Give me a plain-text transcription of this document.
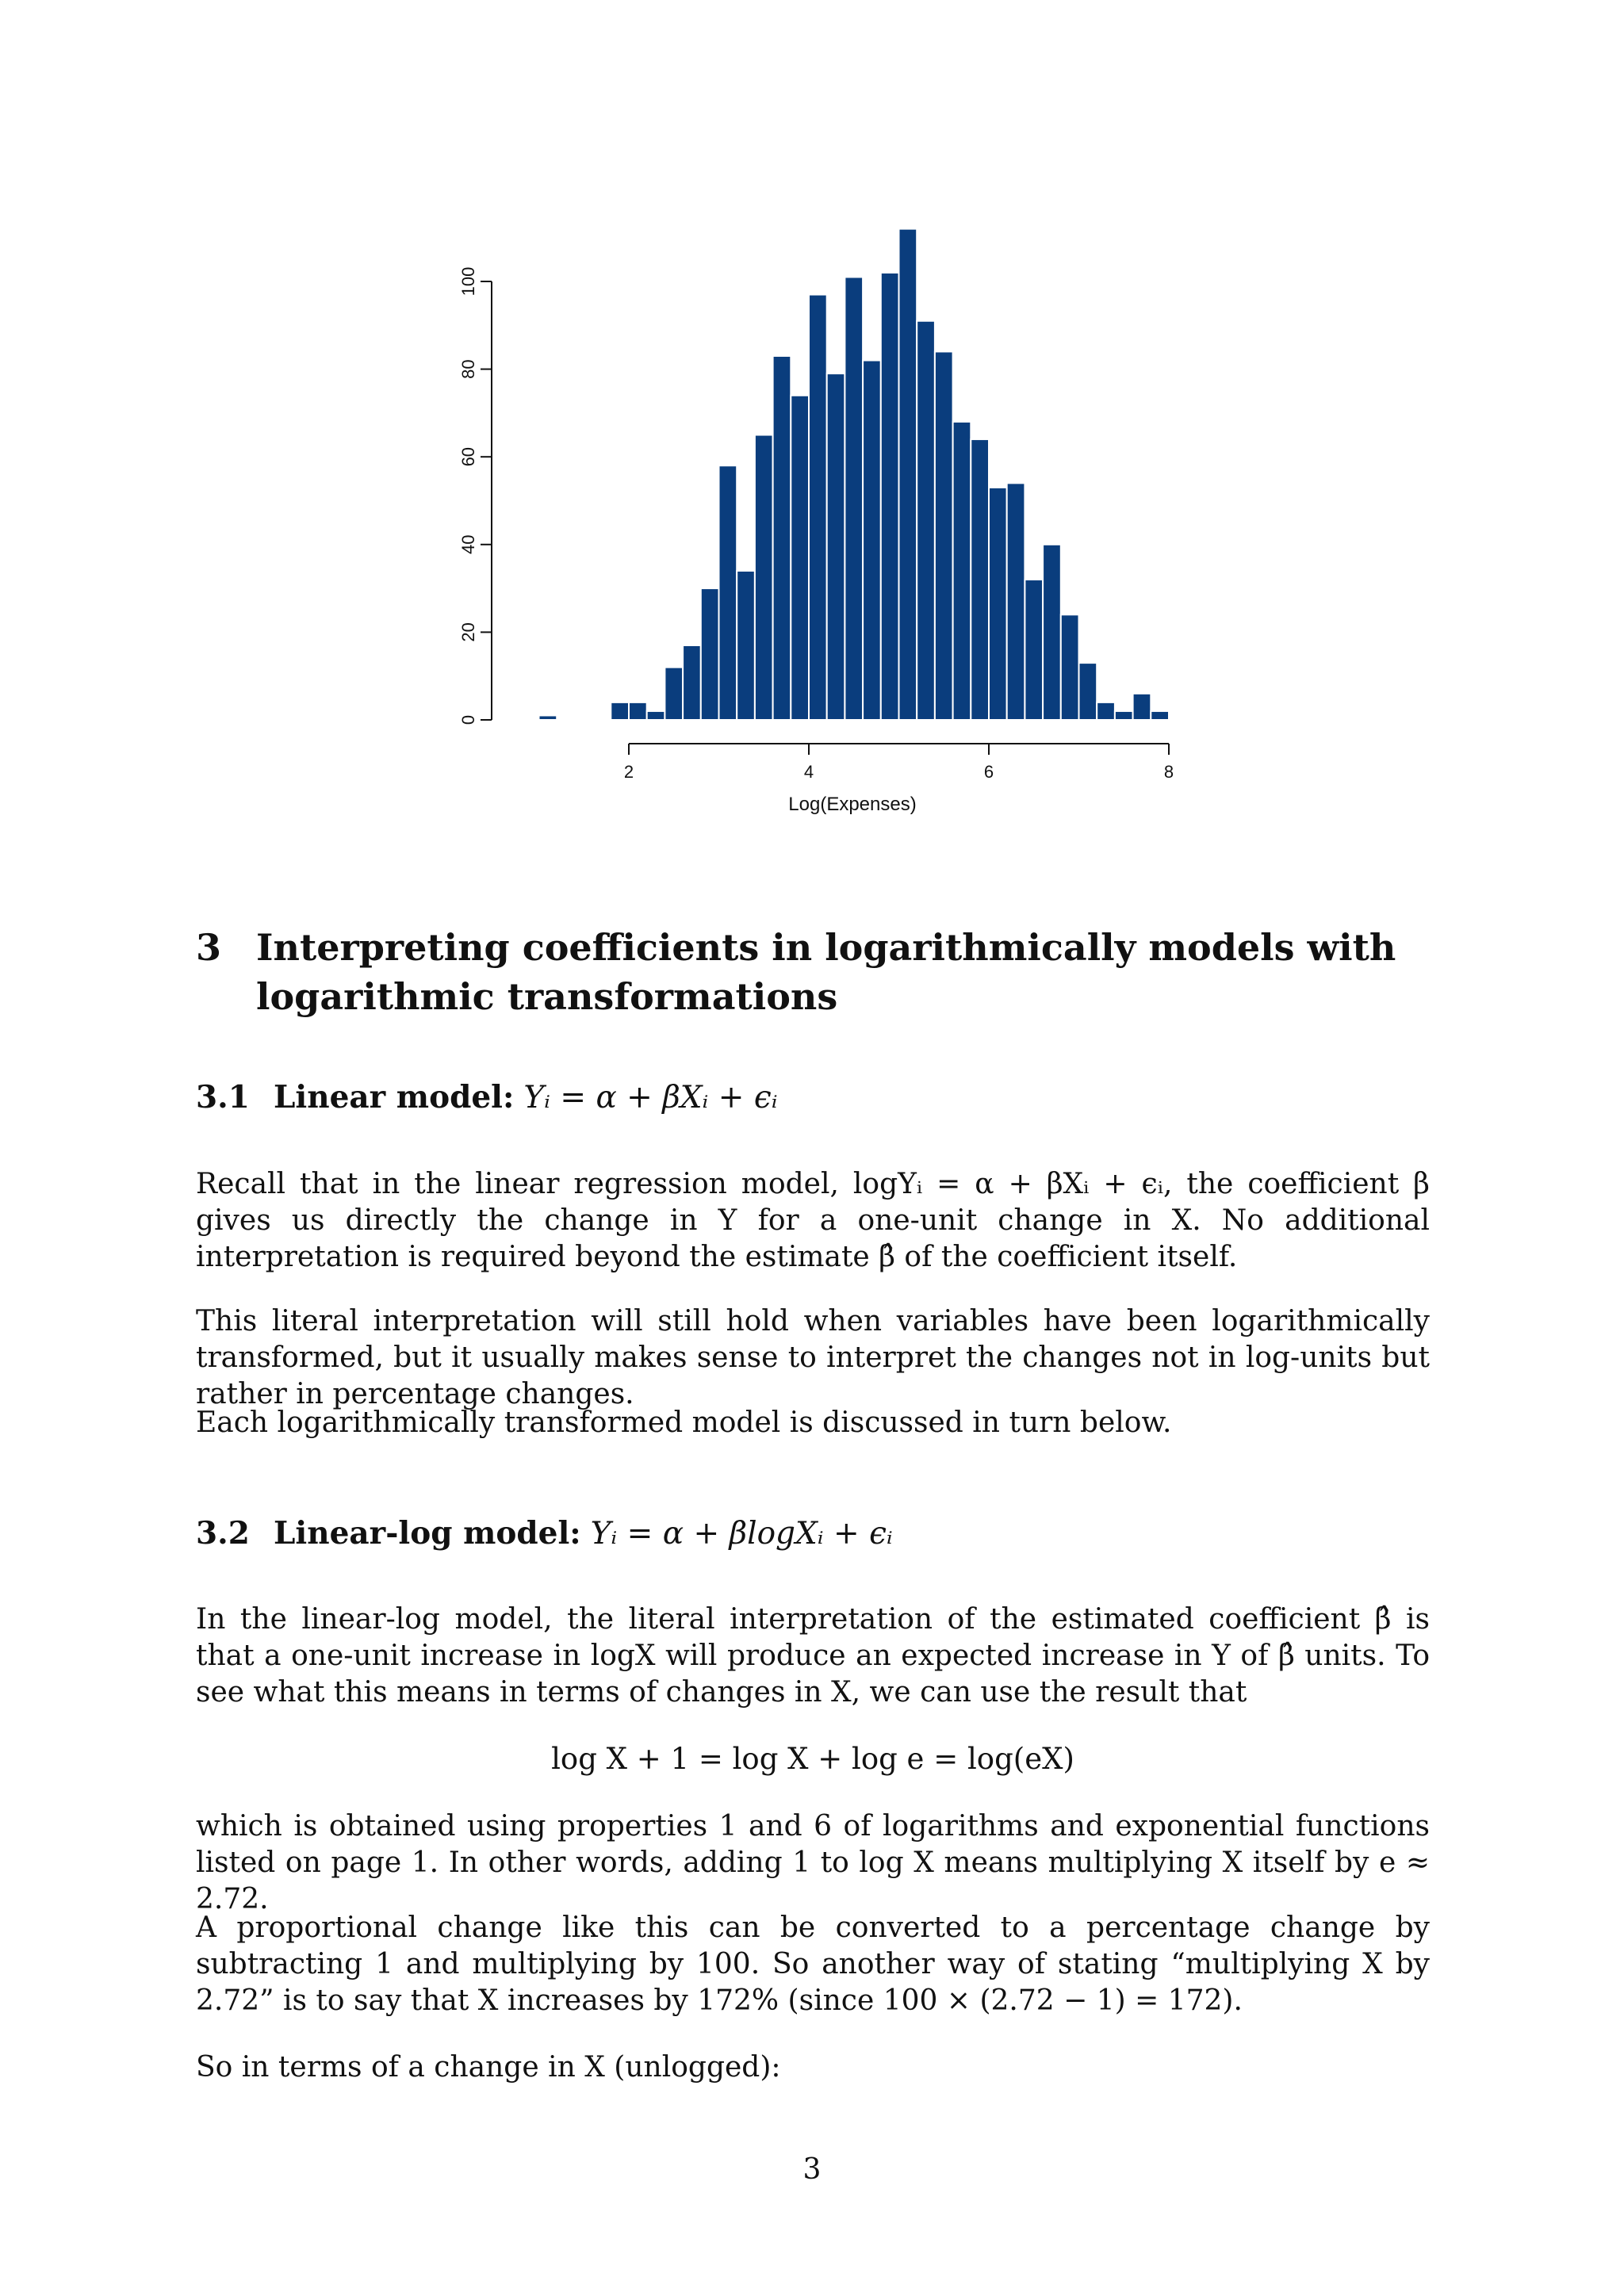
0
20
40
60
80
100
2	4	6	8
Log(Expenses)
3 Interpreting coefficients in logarithmically models with logarithmic transformations
3.1 Linear model: Yᵢ = α + βXᵢ + ϵᵢ

Recall that in the linear regression model, logYᵢ = α + βXᵢ + ϵᵢ, the coefficient β gives us directly the change in Y for a one-unit change in X. No additional interpretation is required beyond the estimate β̂ of the coefficient itself.

This literal interpretation will still hold when variables have been logarithmically transformed, but it usually makes sense to interpret the changes not in log-units but rather in percentage changes.

Each logarithmically transformed model is discussed in turn below.

3.2 Linear-log model: Yᵢ = α + βlogXᵢ + ϵᵢ

In the linear-log model, the literal interpretation of the estimated coefficient β̂ is that a one-unit increase in logX will produce an expected increase in Y of β̂ units. To see what this means in terms of changes in X, we can use the result that

log X + 1 = log X + log e = log(eX)

which is obtained using properties 1 and 6 of logarithms and exponential functions listed on page 1. In other words, adding 1 to log X means multiplying X itself by e ≈ 2.72.

A proportional change like this can be converted to a percentage change by subtracting 1 and multiplying by 100. So another way of stating “multiplying X by 2.72” is to say that X increases by 172% (since 100 × (2.72 − 1) = 172).

So in terms of a change in X (unlogged):

3
